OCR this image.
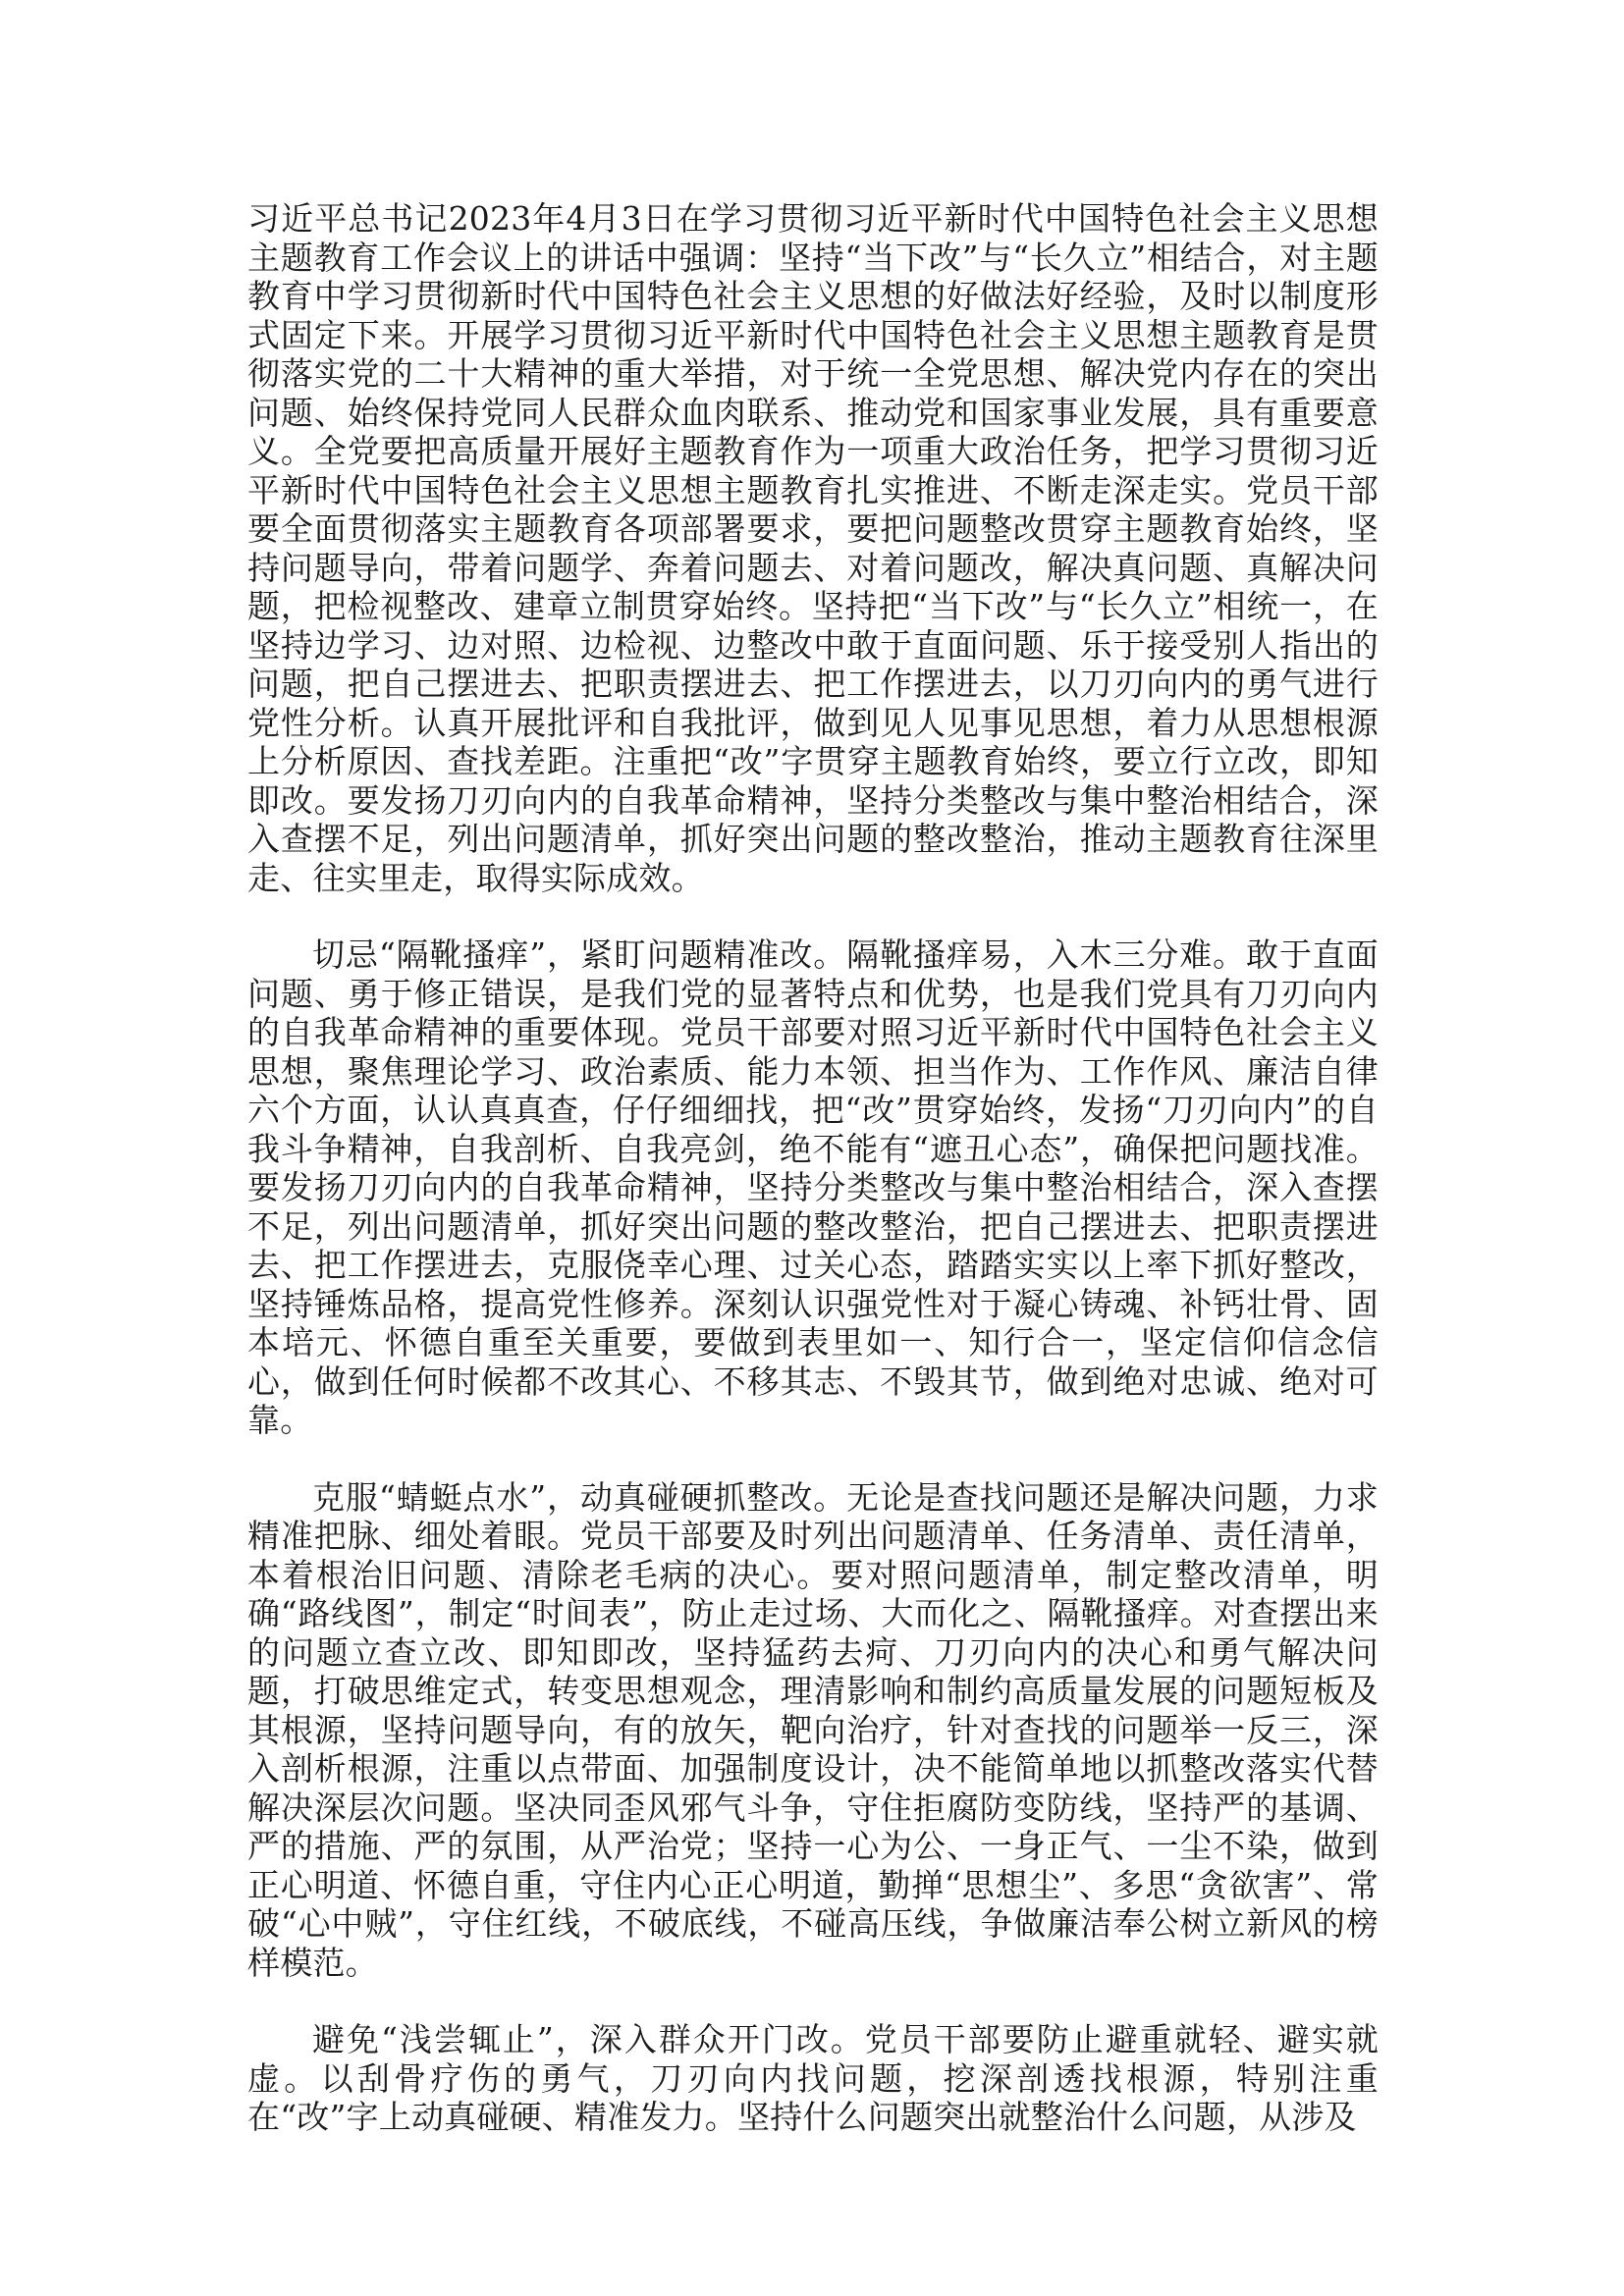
习近平总书记2023年4月3日在学习贯彻习近平新时代中国特色社会主义思想主题教育工作会议上的讲话中强调：坚持“当下改”与“长久立”相结合，对主题教育中学习贯彻新时代中国特色社会主义思想的好做法好经验，及时以制度形式固定下来。开展学习贯彻习近平新时代中国特色社会主义思想主题教育是贯彻落实党的二十大精神的重大举措，对于统一全党思想、解决党内存在的突出问题、始终保持党同人民群众血肉联系、推动党和国家事业发展，具有重要意义。全党要把高质量开展好主题教育作为一项重大政治任务，把学习贯彻习近平新时代中国特色社会主义思想主题教育扎实推进、不断走深走实。党员干部要全面贯彻落实主题教育各项部署要求，要把问题整改贯穿主题教育始终，坚持问题导向，带着问题学、奔着问题去、对着问题改，解决真问题、真解决问题，把检视整改、建章立制贯穿始终。坚持把“当下改”与“长久立”相统一，在坚持边学习、边对照、边检视、边整改中敢于直面问题、乐于接受别人指出的问题，把自己摆进去、把职责摆进去、把工作摆进去，以刀刃向内的勇气进行党性分析。认真开展批评和自我批评，做到见人见事见思想，着力从思想根源上分析原因、查找差距。注重把“改”字贯穿主题教育始终，要立行立改，即知即改。要发扬刀刃向内的自我革命精神，坚持分类整改与集中整治相结合，深入查摆不足，列出问题清单，抓好突出问题的整改整治，推动主题教育往深里走、往实里走，取得实际成效。

切忌“隔靴搔痒”，紧盯问题精准改。隔靴搔痒易，入木三分难。敢于直面问题、勇于修正错误，是我们党的显著特点和优势，也是我们党具有刀刃向内的自我革命精神的重要体现。党员干部要对照习近平新时代中国特色社会主义思想，聚焦理论学习、政治素质、能力本领、担当作为、工作作风、廉洁自律六个方面，认认真真查，仔仔细细找，把“改”贯穿始终，发扬“刀刃向内”的自我斗争精神，自我剖析、自我亮剑，绝不能有“遮丑心态”，确保把问题找准。要发扬刀刃向内的自我革命精神，坚持分类整改与集中整治相结合，深入查摆不足，列出问题清单，抓好突出问题的整改整治，把自己摆进去、把职责摆进去、把工作摆进去，克服侥幸心理、过关心态，踏踏实实以上率下抓好整改，坚持锤炼品格，提高党性修养。深刻认识强党性对于凝心铸魂、补钙壮骨、固本培元、怀德自重至关重要，要做到表里如一、知行合一，坚定信仰信念信心，做到任何时候都不改其心、不移其志、不毁其节，做到绝对忠诚、绝对可靠。

克服“蜻蜓点水”，动真碰硬抓整改。无论是查找问题还是解决问题，力求精准把脉、细处着眼。党员干部要及时列出问题清单、任务清单、责任清单，本着根治旧问题、清除老毛病的决心。要对照问题清单，制定整改清单，明确“路线图”，制定“时间表”，防止走过场、大而化之、隔靴搔痒。对查摆出来的问题立查立改、即知即改，坚持猛药去疴、刀刃向内的决心和勇气解决问题，打破思维定式，转变思想观念，理清影响和制约高质量发展的问题短板及其根源，坚持问题导向，有的放矢，靶向治疗，针对查找的问题举一反三，深入剖析根源，注重以点带面、加强制度设计，决不能简单地以抓整改落实代替解决深层次问题。坚决同歪风邪气斗争，守住拒腐防变防线，坚持严的基调、严的措施、严的氛围，从严治党；坚持一心为公、一身正气、一尘不染，做到正心明道、怀德自重，守住内心正心明道，勤掸“思想尘”、多思“贪欲害”、常破“心中贼”，守住红线，不破底线，不碰高压线，争做廉洁奉公树立新风的榜样模范。

避免“浅尝辄止”，深入群众开门改。党员干部要防止避重就轻、避实就虚。以刮骨疗伤的勇气，刀刃向内找问题，挖深剖透找根源，特别注重在“改”字上动真碰硬、精准发力。坚持什么问题突出就整治什么问题，从涉及
